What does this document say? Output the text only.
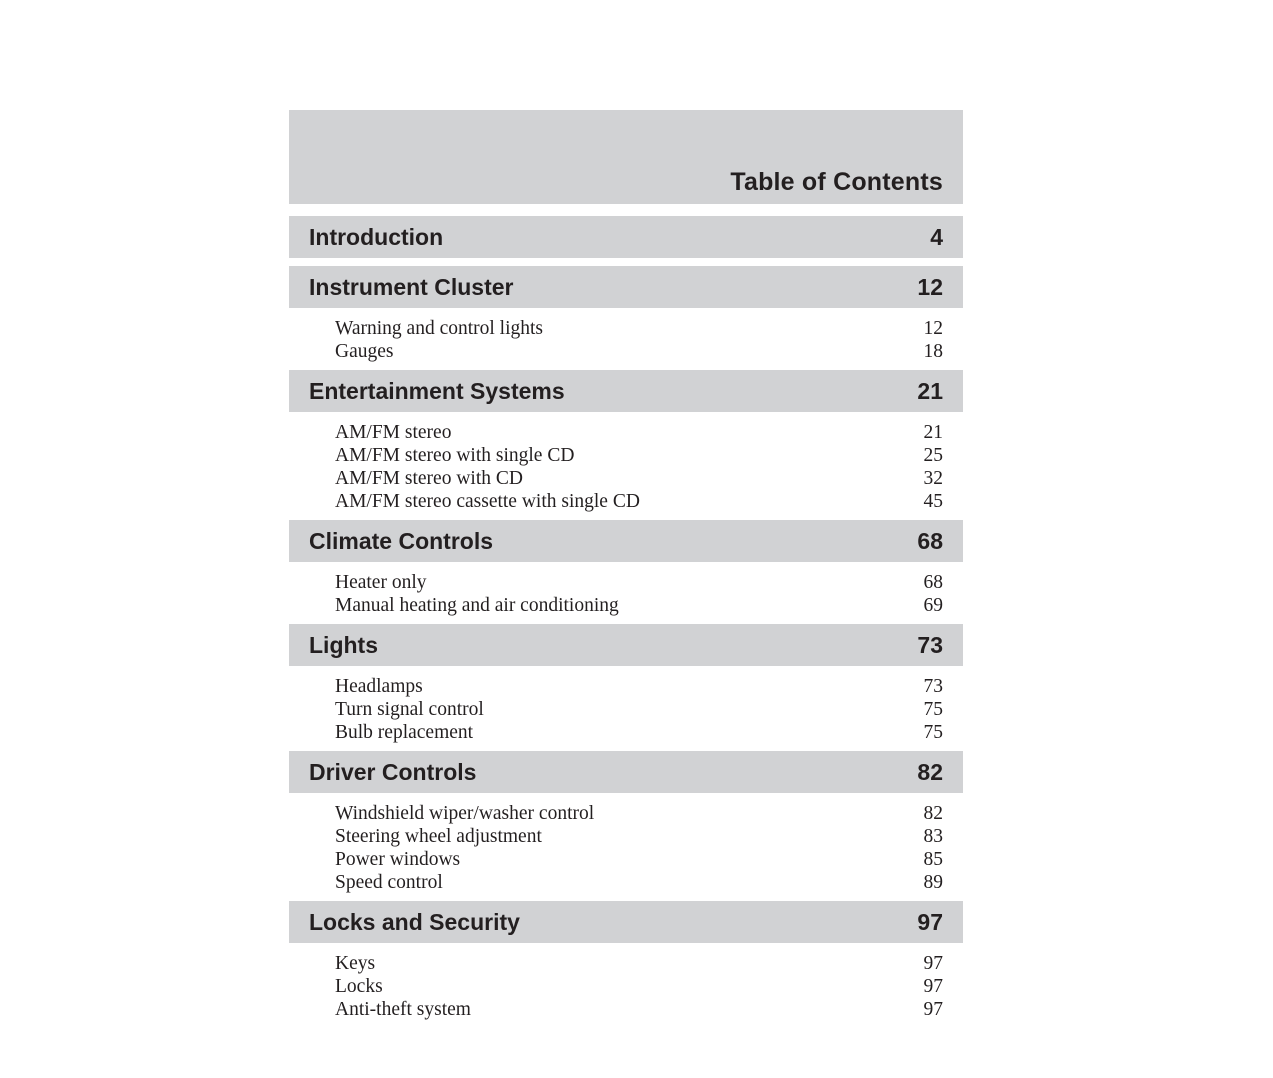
Table of Contents
Introduction	4
Instrument Cluster	12
Warning and control lights	12
Gauges	18
Entertainment Systems	21
AM/FM stereo	21
AM/FM stereo with single CD	25
AM/FM stereo with CD	32
AM/FM stereo cassette with single CD	45
Climate Controls	68
Heater only	68
Manual heating and air conditioning	69
Lights	73
Headlamps	73
Turn signal control	75
Bulb replacement	75
Driver Controls	82
Windshield wiper/washer control	82
Steering wheel adjustment	83
Power windows	85
Speed control	89
Locks and Security	97
Keys	97
Locks	97
Anti-theft system	97
